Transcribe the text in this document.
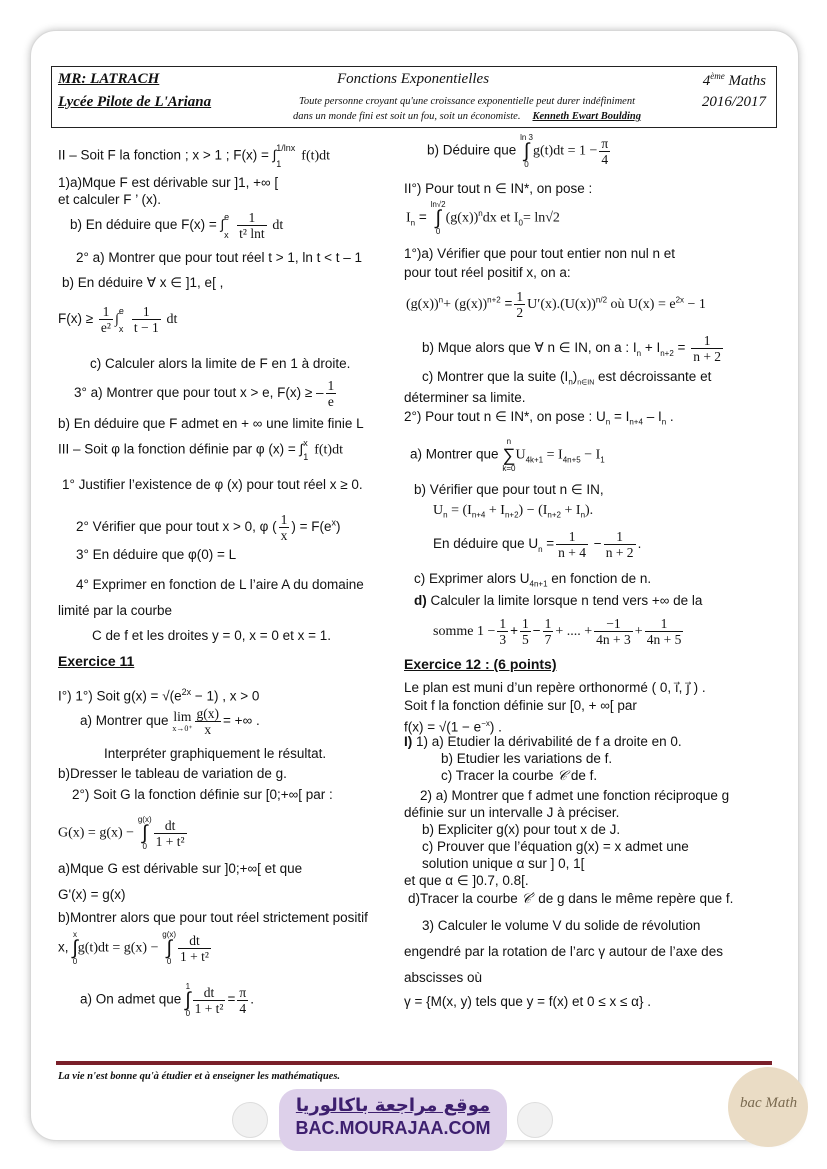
MR: LATRACH
Lycée Pilote de L'Ariana
Fonctions Exponentielles
Toute personne croyant qu'une croissance exponentielle peut durer indéfiniment
dans un monde fini est soit un fou, soit un économiste. Kenneth Ewart Boulding
4ème Maths
2016/2017
II – Soit F la fonction ; x > 1 ; F(x) = ∫ 1/lnx
1
f(t)dt
1)a)Mque F est dérivable sur ]1, +∞ [
et calculer F ’ (x).
b) En déduire que F(x) = ∫
e
x $\frac{1}{\text{t² lnt}}$ dt
2° a) Montrer que pour tout réel t > 1, ln t < t – 1
b) En déduire ∀ x ∈ ]1, e[ ,
$F(x) \ge \frac{1}{\text{e²}}$ ∫
e
x $\frac{1}{t - 1}$ dt
c) Calculer alors la limite de F en 1 à droite.
3° a) Montrer que pour tout x > e, F(x) ≥ – $\frac{1}{e}$
b) En déduire que F admet en + ∞ une limite finie L
III – Soit φ la fonction définie par φ (x) = ∫ x
1 f(t)dt
1° Justifier l’existence de φ (x) pour tout réel x ≥ 0.
2° Vérifier que pour tout x > 0, φ ( $\frac{1}{x}$ ) = $F(e^x)$
3° En déduire que φ(0) = L
4° Exprimer en fonction de L l’aire A du domaine
limité par la courbe
C de f et les droites y = 0, x = 0 et x = 1.
Exercice 11
I°) 1°) Soit $g(x) = √(e^{2x} - 1)$ , x > 0
a) Montrer que lim
$x\to 0^+ \frac{g(x)}{x}$ = +∞ .
Interpréter graphiquement le résultat.
b)Dresser le tableau de variation de g.
2°) Soit G la fonction définie sur [0;+∞[ par :
G(x) = g(x) −
g(x)
∫
$0 \frac{dt}{\text{1 + t²}}$
a)Mque G est dérivable sur ]0;+∞[ et que
G'(x) = g(x)
b)Montrer alors que pour tout réel strictement positif
x,
x
∫
0
g(t)dt = g(x) −
g(x)
∫
$0 \frac{dt}{\text{1 + t²}}$
a) On admet que
1
∫
$0 \frac{dt}{\text{1 + t²}} = \frac{\pi}{4}$ .
b) Déduire que
ln 3
∫
0
$g(t)dt = 1 - \frac{\pi}{4}$
II°) Pour tout n ∈ IN*, on pose :
$I_n$ =
ln√2
∫
0
$(g(x))^ndx$ et $I_0= \ln√2$
1°)a) Vérifier que pour tout entier non nul n et
pour tout réel positif x, on a:
$(g(x))^n+ (g(x))^{n+2} = \frac{1}{2} U'(x).(U(x))^{n/2}$ où $U(x) = e^{2x} - 1$
b) Mque alors que ∀ n ∈ IN, on a : $I_n + I_{n+2} = \frac{1}{n + 2}$
c) Montrer que la suite $(I_n)_{n\in IN}$ est décroissante et
déterminer sa limite.
2°) Pour tout n ∈ IN*, on pose : $U_n = I_{n+4} - I_n$ .
a) Montrer que
n
∑
k=0
$U_{4k+1} = I_{4n+5} - I_1$
b) Vérifier que pour tout n ∈ IN,
$U_n = (I_{n+4} + I_{n+2}) - (I_{n+2} + I_n)$.
En déduire que $U_n = \frac{1}{n + 4} - \frac{1}{n + 2}$ .
c) Exprimer alors $U_{4n+1}$ en fonction de n.
d) Calculer la limite lorsque n tend vers +∞ de la
somme $1 - \frac{1}{3} + \frac{1}{5} - \frac{1}{7}$ + .... + $\frac{-1}{4n + 3} + \frac{1}{4n + 5}$
Exercice 12 : (6 points)
Le plan est muni d’un repère orthonormé ( 0, i⃗, j⃗ ) .
Soit f la fonction définie sur [0, + ∞[ par
$f(x) = √(1 - e^{-x})$ .
I) 1) a) Etudier la dérivabilité de f a droite en 0.
b) Etudier les variations de f.
c) Tracer la courbe 𝒞 de f.
2) a) Montrer que f admet une fonction réciproque g
définie sur un intervalle J à préciser.
b) Expliciter g(x) pour tout x de J.
c) Prouver que l’équation g(x) = x admet une
solution unique α sur ] 0, 1[
et que α ∈ ]0.7, 0.8[.
d)Tracer la courbe 𝒞′ de g dans le même repère que f.
3) Calculer le volume V du solide de révolution
engendré par la rotation de l’arc γ autour de l’axe des
abscisses où
γ = {M(x, y) tels que y = f(x) et 0 ≤ x ≤ α} .
La vie n'est bonne qu'à étudier et à enseigner les mathématiques.
موقع مراجعة باكالوريا
BAC.MOURAJAA.COM
bac Math
